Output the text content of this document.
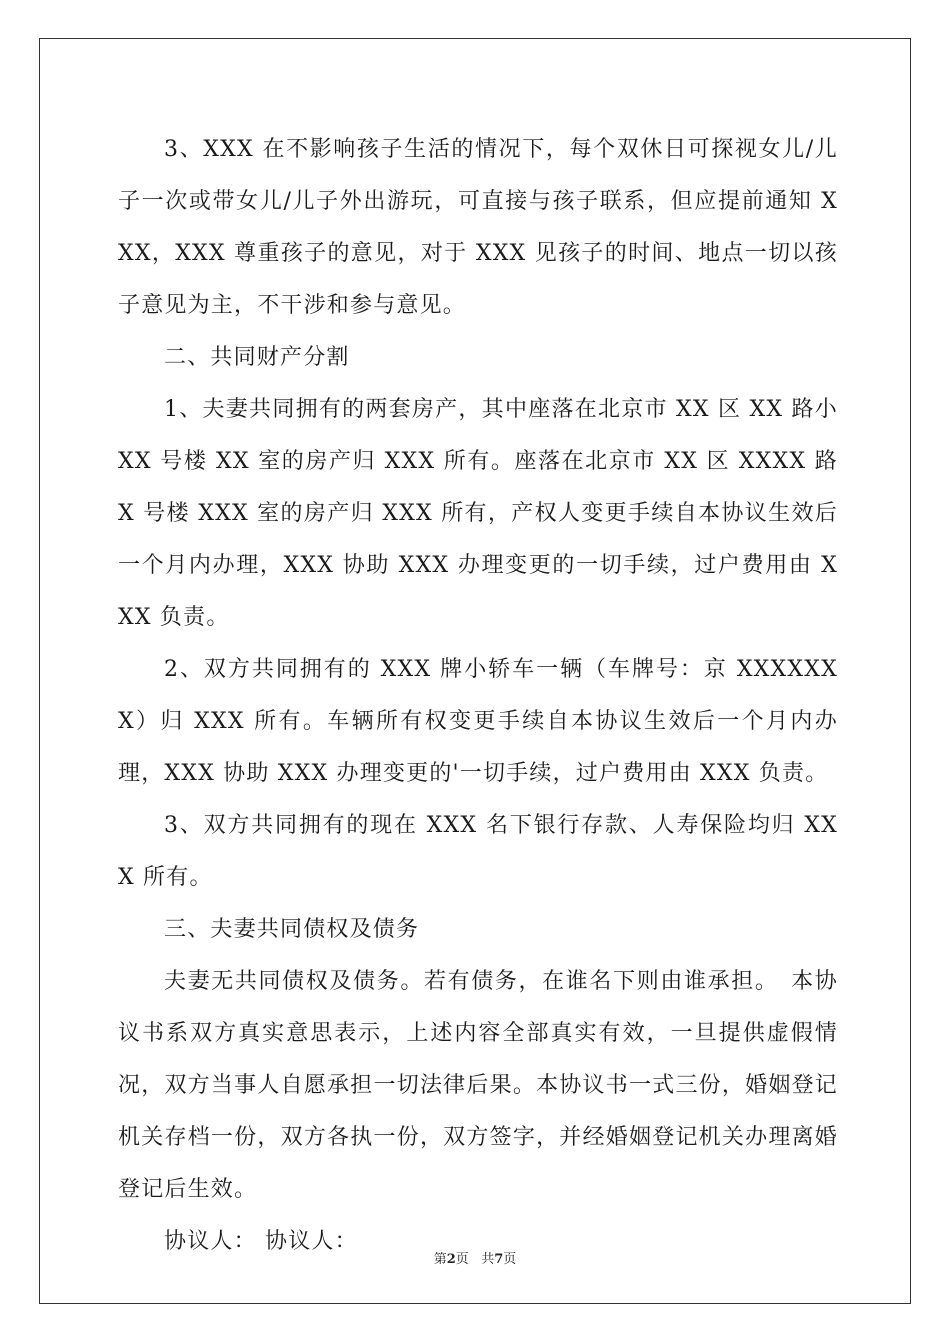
3、XXX 在不影响孩子生活的情况下，每个双休日可探视女儿/儿子一次或带女儿/儿子外出游玩，可直接与孩子联系，但应提前通知 XXX，XXX 尊重孩子的意见，对于 XXX 见孩子的时间、地点一切以孩子意见为主，不干涉和参与意见。

二、共同财产分割

1、夫妻共同拥有的两套房产，其中座落在北京市 XX 区 XX 路小 XX 号楼 XX 室的房产归 XXX 所有。座落在北京市 XX 区 XXXX 路 X 号楼 XXX 室的房产归 XXX 所有，产权人变更手续自本协议生效后一个月内办理，XXX 协助 XXX 办理变更的一切手续，过户费用由 XXX 负责。

2、双方共同拥有的 XXX 牌小轿车一辆（车牌号：京 XXXXXXX）归 XXX 所有。车辆所有权变更手续自本协议生效后一个月内办理，XXX 协助 XXX 办理变更的'一切手续，过户费用由 XXX 负责。

3、双方共同拥有的现在 XXX 名下银行存款、人寿保险均归 XXX 所有。

三、夫妻共同债权及债务

夫妻无共同债权及债务。若有债务，在谁名下则由谁承担。　本协议书系双方真实意思表示，上述内容全部真实有效，一旦提供虚假情况，双方当事人自愿承担一切法律后果。本协议书一式三份，婚姻登记机关存档一份，双方各执一份，双方签字，并经婚姻登记机关办理离婚登记后生效。

协议人： 协议人：

第2页 共7页
